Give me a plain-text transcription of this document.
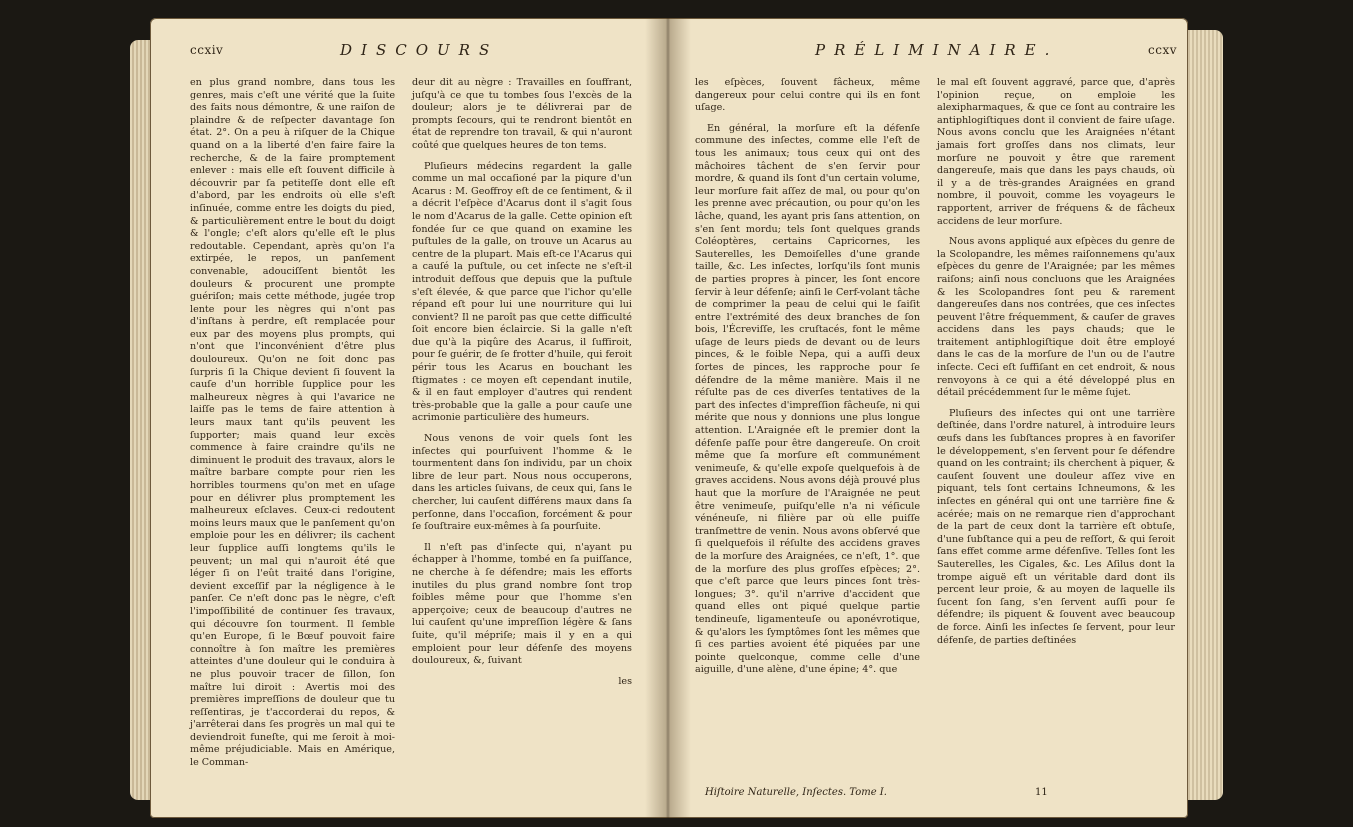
ccxiv	DISCOURS

en plus grand nombre, dans tous les genres, mais c'eſt une vérité que la ſuite des faits nous démontre, & une raiſon de plaindre & de reſpecter davantage ſon état. 2°. On a peu à riſquer de la Chique quand on a la liberté d'en faire faire la recherche, & de la faire promptement enlever : mais elle eſt ſouvent difficile à découvrir par ſa petiteſſe dont elle eſt d'abord, par les endroits où elle s'eſt inſinuée, comme entre les doigts du pied, & particulièrement entre le bout du doigt & l'ongle; c'eſt alors qu'elle eſt le plus redoutable. Cependant, après qu'on l'a extirpée, le repos, un panſement convenable, adouciſſent bientôt les douleurs & procurent une prompte guériſon; mais cette méthode, jugée trop lente pour les nègres qui n'ont pas d'inſtans à perdre, eſt remplacée pour eux par des moyens plus prompts, qui n'ont que l'inconvénient d'être plus douloureux. Qu'on ne ſoit donc pas ſurpris ſi la Chique devient ſi ſouvent la cauſe d'un horrible ſupplice pour les malheureux nègres à qui l'avarice ne laiſſe pas le tems de faire attention à leurs maux tant qu'ils peuvent les ſupporter; mais quand leur excès commence à faire craindre qu'ils ne diminuent le produit des travaux, alors le maître barbare compte pour rien les horribles tourmens qu'on met en uſage pour en délivrer plus promptement les malheureux eſclaves. Ceux-ci redoutent moins leurs maux que le panſement qu'on emploie pour les en délivrer; ils cachent leur ſupplice auſſi longtems qu'ils le peuvent; un mal qui n'auroit été que léger ſi on l'eût traité dans l'origine, devient exceſſif par la négligence à le panſer. Ce n'eſt donc pas le nègre, c'eſt l'impoſſibilité de continuer ſes travaux, qui découvre ſon tourment. Il ſemble qu'en Europe, ſi le Bœuf pouvoit faire connoître à ſon maître les premières atteintes d'une douleur qui le conduira à ne plus pouvoir tracer de ſillon, ſon maître lui diroit : Avertis moi des premières impreſſions de douleur que tu reſſentiras, je t'accorderai du repos, & j'arrêterai dans ſes progrès un mal qui te deviendroit funeſte, qui me ſeroit à moi-même préjudiciable. Mais en Amérique, le Comman-

deur dit au nègre : Travailles en ſouffrant, juſqu'à ce que tu tombes ſous l'excès de la douleur; alors je te délivrerai par de prompts ſecours, qui te rendront bientôt en état de reprendre ton travail, & qui n'auront coûté que quelques heures de ton tems.

Pluſieurs médecins regardent la galle comme un mal occaſioné par la piqure d'un Acarus : M. Geoffroy eſt de ce ſentiment, & il a décrit l'eſpèce d'Acarus dont il s'agit ſous le nom d'Acarus de la galle. Cette opinion eſt fondée ſur ce que quand on examine les puſtules de la galle, on trouve un Acarus au centre de la plupart. Mais eſt-ce l'Acarus qui a cauſé la puſtule, ou cet inſecte ne s'eſt-il introduit deſſous que depuis que la puſtule s'eſt élevée, & que parce que l'ichor qu'elle répand eſt pour lui une nourriture qui lui convient? Il ne paroît pas que cette difficulté ſoit encore bien éclaircie. Si la galle n'eſt due qu'à la piqûre des Acarus, il ſuffiroit, pour ſe guérir, de ſe frotter d'huile, qui feroit périr tous les Acarus en bouchant les ſtigmates : ce moyen eſt cependant inutile, & il en faut employer d'autres qui rendent très-probable que la galle a pour cauſe une acrimonie particulière des humeurs.

Nous venons de voir quels ſont les inſectes qui pourſuivent l'homme & le tourmentent dans ſon individu, par un choix libre de leur part. Nous nous occuperons, dans les articles ſuivans, de ceux qui, ſans le chercher, lui cauſent différens maux dans ſa perſonne, dans l'occaſion, forcément & pour ſe ſouſtraire eux-mêmes à ſa pourſuite.

Il n'eſt pas d'inſecte qui, n'ayant pu échapper à l'homme, tombé en ſa puiſſance, ne cherche à ſe défendre; mais les efforts inutiles du plus grand nombre ſont trop foibles même pour que l'homme s'en apperçoive; ceux de beaucoup d'autres ne lui cauſent qu'une impreſſion légère & ſans ſuite, qu'il mépriſe; mais il y en a qui emploient pour leur défenſe des moyens douloureux, &, ſuivant

les
PRÉLIMINAIRE.	ccxv

les eſpèces, ſouvent fâcheux, même dangereux pour celui contre qui ils en font uſage.

En général, la morſure eſt la défenſe commune des inſectes, comme elle l'eſt de tous les animaux; tous ceux qui ont des mâchoires tâchent de s'en ſervir pour mordre, & quand ils ſont d'un certain volume, leur morſure fait aſſez de mal, ou pour qu'on les prenne avec précaution, ou pour qu'on les lâche, quand, les ayant pris ſans attention, on s'en ſent mordu; tels ſont quelques grands Coléoptères, certains Capricornes, les Sauterelles, les Demoiſelles d'une grande taille, &c. Les inſectes, lorſqu'ils ſont munis de parties propres à pincer, les ſont encore ſervir à leur défenſe; ainſi le Cerf-volant tâche de comprimer la peau de celui qui le ſaiſit entre l'extrémité des deux branches de ſon bois, l'Écreviſſe, les cruſtacés, font le même uſage de leurs pieds de devant ou de leurs pinces, & le foible Nepa, qui a auſſi deux ſortes de pinces, les rapproche pour ſe défendre de la même manière. Mais il ne réſulte pas de ces diverſes tentatives de la part des inſectes d'impreſſion fâcheuſe, ni qui mérite que nous y donnions une plus longue attention. L'Araignée eſt le premier dont la défenſe paſſe pour être dangereuſe. On croit même que ſa morſure eſt communément venimeuſe, & qu'elle expoſe quelquefois à de graves accidens. Nous avons déjà prouvé plus haut que la morſure de l'Araignée ne peut être venimeuſe, puiſqu'elle n'a ni véſicule vénéneuſe, ni filière par où elle puiſſe tranſmettre de venin. Nous avons obſervé que ſi quelquefois il réſulte des accidens graves de la morſure des Araignées, ce n'eſt, 1°. que de la morſure des plus groſſes eſpèces; 2°. que c'eſt parce que leurs pinces ſont très-longues; 3°. qu'il n'arrive d'accident que quand elles ont piqué quelque partie tendineuſe, ligamenteuſe ou aponévrotique, & qu'alors les ſymptômes ſont les mêmes que ſi ces parties avoient été piquées par une pointe quelconque, comme celle d'une aiguille, d'une alène, d'une épine; 4°. que

le mal eſt ſouvent aggravé, parce que, d'après l'opinion reçue, on emploie les alexipharmaques, & que ce ſont au contraire les antiphlogiſtiques dont il convient de faire uſage. Nous avons conclu que les Araignées n'étant jamais fort groſſes dans nos climats, leur morſure ne pouvoit y être que rarement dangereuſe, mais que dans les pays chauds, où il y a de très-grandes Araignées en grand nombre, il pouvoit, comme les voyageurs le rapportent, arriver de fréquens & de fâcheux accidens de leur morſure.

Nous avons appliqué aux eſpèces du genre de la Scolopandre, les mêmes raiſonnemens qu'aux eſpèces du genre de l'Araignée; par les mêmes raiſons; ainſi nous concluons que les Araignées & les Scolopandres ſont peu & rarement dangereuſes dans nos contrées, que ces inſectes peuvent l'être fréquemment, & cauſer de graves accidens dans les pays chauds; que le traitement antiphlogiſtique doit être employé dans le cas de la morſure de l'un ou de l'autre inſecte. Ceci eſt ſuffiſant en cet endroit, & nous renvoyons à ce qui a été développé plus en détail précédemment ſur le même ſujet.

Pluſieurs des inſectes qui ont une tarrière deſtinée, dans l'ordre naturel, à introduire leurs œufs dans les ſubſtances propres à en favoriſer le développement, s'en ſervent pour ſe défendre quand on les contraint; ils cherchent à piquer, & cauſent ſouvent une douleur aſſez vive en piquant, tels ſont certains Ichneumons, & les inſectes en général qui ont une tarrière fine & acérée; mais on ne remarque rien d'approchant de la part de ceux dont la tarrière eſt obtuſe, d'une ſubſtance qui a peu de reſſort, & qui ſeroit ſans effet comme arme défenſive. Telles ſont les Sauterelles, les Cigales, &c. Les Aſilus dont la trompe aiguë eſt un véritable dard dont ils percent leur proie, & au moyen de laquelle ils ſucent ſon ſang, s'en ſervent auſſi pour ſe défendre; ils piquent & ſouvent avec beaucoup de force. Ainſi les inſectes ſe ſervent, pour leur défenſe, de parties deſtinées

Hiſtoire Naturelle, Inſectes. Tome I.	11
